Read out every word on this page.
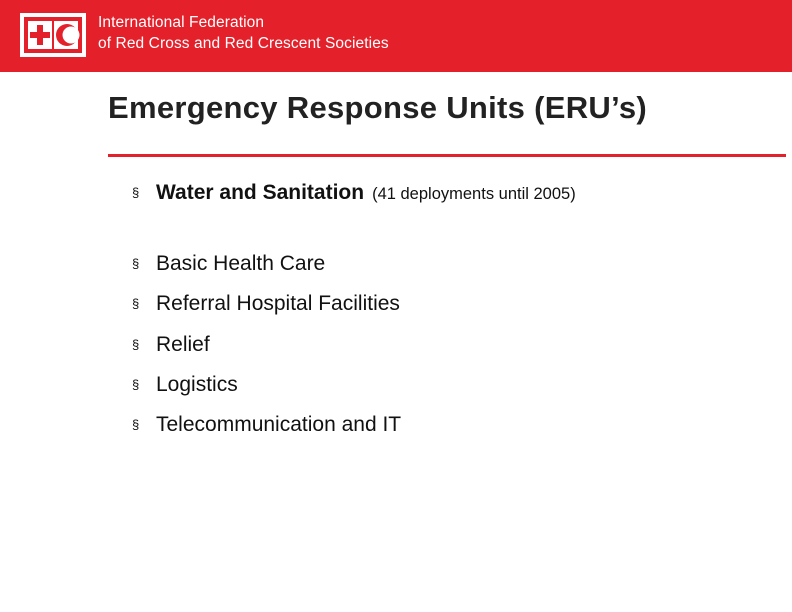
International Federation
of Red Cross and Red Crescent Societies
Emergency Response Units (ERU’s)
§ Water and Sanitation (41 deployments until 2005)
§ Basic Health Care
§ Referral Hospital Facilities
§ Relief
§ Logistics
§ Telecommunication and IT
